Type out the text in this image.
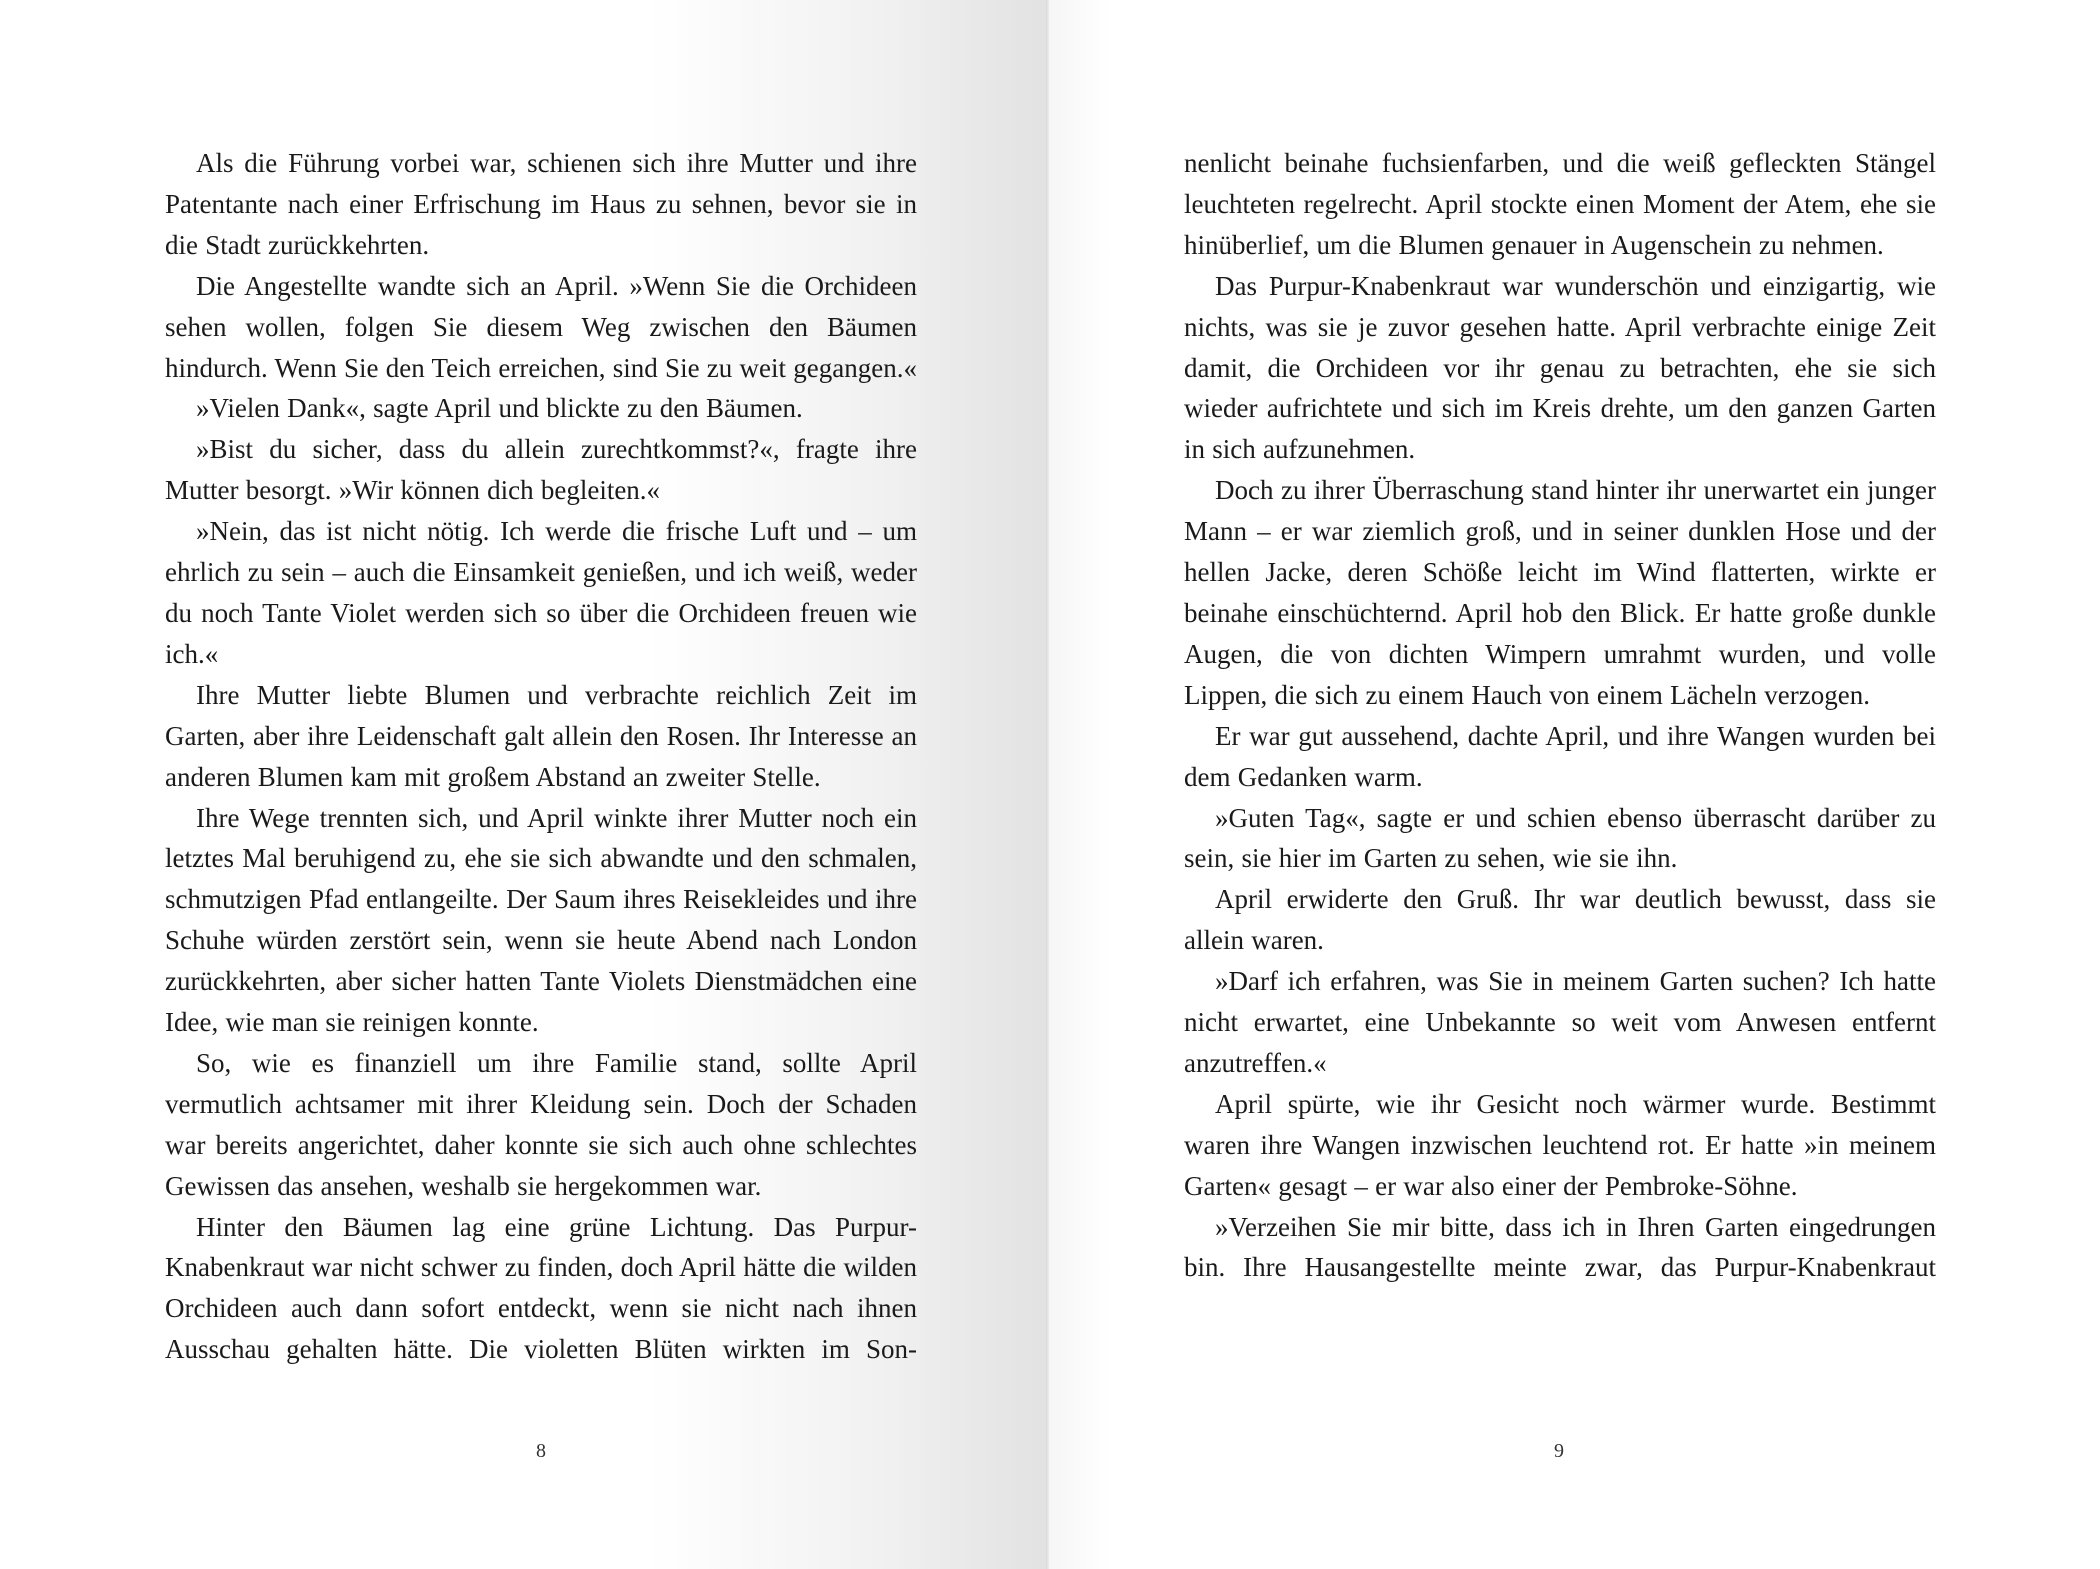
Als die Führung vorbei war, schienen sich ihre Mutter und ihre Patentante nach einer Erfrischung im Haus zu sehnen, bevor sie in die Stadt zurückkehrten.

Die Angestellte wandte sich an April. »Wenn Sie die Orchideen sehen wollen, folgen Sie diesem Weg zwischen den Bäumen hindurch. Wenn Sie den Teich erreichen, sind Sie zu weit gegangen.«

»Vielen Dank«, sagte April und blickte zu den Bäumen.

»Bist du sicher, dass du allein zurechtkommst?«, fragte ihre Mutter besorgt. »Wir können dich begleiten.«

»Nein, das ist nicht nötig. Ich werde die frische Luft und – um ehrlich zu sein – auch die Einsamkeit genießen, und ich weiß, weder du noch Tante Violet werden sich so über die Orchideen freuen wie ich.«

Ihre Mutter liebte Blumen und verbrachte reichlich Zeit im Garten, aber ihre Leidenschaft galt allein den Rosen. Ihr Interesse an anderen Blumen kam mit großem Abstand an zweiter Stelle.

Ihre Wege trennten sich, und April winkte ihrer Mutter noch ein letztes Mal beruhigend zu, ehe sie sich abwandte und den schmalen, schmutzigen Pfad entlangeilte. Der Saum ihres Reisekleides und ihre Schuhe würden zerstört sein, wenn sie heute Abend nach London zurückkehrten, aber sicher hatten Tante Violets Dienstmädchen eine Idee, wie man sie reinigen konnte.

So, wie es finanziell um ihre Familie stand, sollte April vermutlich achtsamer mit ihrer Kleidung sein. Doch der Schaden war bereits angerichtet, daher konnte sie sich auch ohne schlechtes Gewissen das ansehen, weshalb sie hergekommen war.

Hinter den Bäumen lag eine grüne Lichtung. Das Purpur-Knabenkraut war nicht schwer zu finden, doch April hätte die wilden Orchideen auch dann sofort entdeckt, wenn sie nicht nach ihnen Ausschau gehalten hätte. Die violetten Blüten wirkten im Son-

8

nenlicht beinahe fuchsienfarben, und die weiß gefleckten Stängel leuchteten regelrecht. April stockte einen Moment der Atem, ehe sie hinüberlief, um die Blumen genauer in Augenschein zu nehmen.

Das Purpur-Knabenkraut war wunderschön und einzigartig, wie nichts, was sie je zuvor gesehen hatte. April verbrachte einige Zeit damit, die Orchideen vor ihr genau zu betrachten, ehe sie sich wieder aufrichtete und sich im Kreis drehte, um den ganzen Garten in sich aufzunehmen.

Doch zu ihrer Überraschung stand hinter ihr unerwartet ein junger Mann – er war ziemlich groß, und in seiner dunklen Hose und der hellen Jacke, deren Schöße leicht im Wind flatterten, wirkte er beinahe einschüchternd. April hob den Blick. Er hatte große dunkle Augen, die von dichten Wimpern umrahmt wurden, und volle Lippen, die sich zu einem Hauch von einem Lächeln verzogen.

Er war gut aussehend, dachte April, und ihre Wangen wurden bei dem Gedanken warm.

»Guten Tag«, sagte er und schien ebenso überrascht darüber zu sein, sie hier im Garten zu sehen, wie sie ihn.

April erwiderte den Gruß. Ihr war deutlich bewusst, dass sie allein waren.

»Darf ich erfahren, was Sie in meinem Garten suchen? Ich hatte nicht erwartet, eine Unbekannte so weit vom Anwesen entfernt anzutreffen.«

April spürte, wie ihr Gesicht noch wärmer wurde. Bestimmt waren ihre Wangen inzwischen leuchtend rot. Er hatte »in meinem Garten« gesagt – er war also einer der Pembroke-Söhne.

»Verzeihen Sie mir bitte, dass ich in Ihren Garten eingedrungen bin. Ihre Hausangestellte meinte zwar, das Purpur-Knabenkraut

9
